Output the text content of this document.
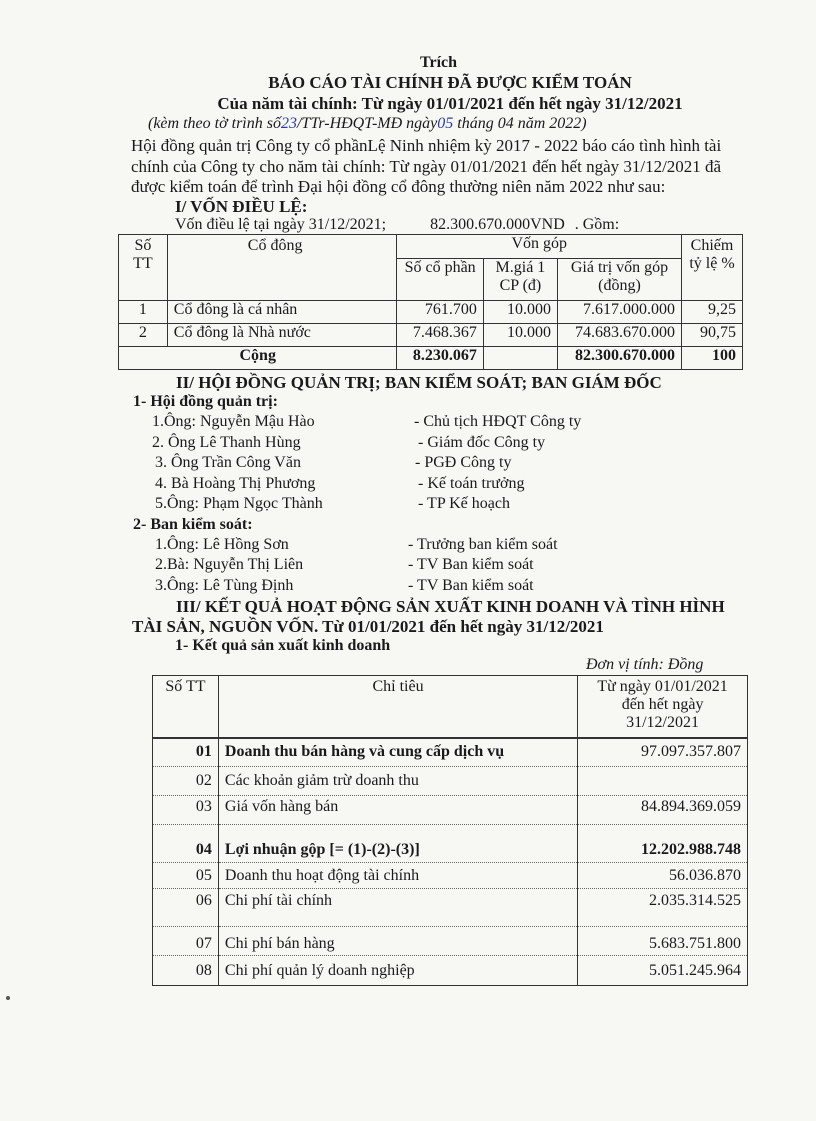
Trích
BÁO CÁO TÀI CHÍNH ĐÃ ĐƯỢC KIỂM TOÁN
Của năm tài chính: Từ ngày 01/01/2021 đến hết ngày 31/12/2021
(kèm theo tờ trình số23/TTr-HĐQT-MĐ ngày05 tháng 04 năm 2022)
Hội đồng quản trị Công ty cổ phầnLệ Ninh nhiệm kỳ 2017 - 2022 báo cáo tình hình tài
chính của Công ty cho năm tài chính: Từ ngày 01/01/2021 đến hết ngày 31/12/2021 đã
được kiểm toán để trình Đại hội đồng cổ đông thường niên năm 2022 như sau:
I/ VỐN ĐIỀU LỆ:
Vốn điều lệ tại ngày 31/12/2021;	82.300.670.000VND . Gồm:
Số TT	Cổ đông	Vốn góp			Chiếm tỷ lệ %
		Số cổ phần	M.giá 1 CP (đ)	Giá trị vốn góp (đồng)	
1	Cổ đông là cá nhân	761.700	10.000	7.617.000.000	9,25
2	Cổ đông là Nhà nước	7.468.367	10.000	74.683.670.000	90,75
Cộng		8.230.067		82.300.670.000	100
II/ HỘI ĐỒNG QUẢN TRỊ; BAN KIỂM SOÁT; BAN GIÁM ĐỐC
1- Hội đồng quản trị:
1.Ông: Nguyễn Mậu Hào	- Chủ tịch HĐQT Công ty
2. Ông Lê Thanh Hùng	- Giám đốc Công ty
3. Ông Trần Công Văn	- PGĐ Công ty
4. Bà Hoàng Thị Phương	- Kế toán trưởng
5.Ông: Phạm Ngọc Thành	- TP Kế hoạch
2- Ban kiểm soát:
1.Ông: Lê Hồng Sơn	- Trưởng ban kiểm soát
2.Bà: Nguyễn Thị Liên	- TV Ban kiểm soát
3.Ông: Lê Tùng Định	- TV Ban kiểm soát
III/ KẾT QUẢ HOẠT ĐỘNG SẢN XUẤT KINH DOANH VÀ TÌNH HÌNH
TÀI SẢN, NGUỒN VỐN. Từ 01/01/2021 đến hết ngày 31/12/2021
1- Kết quả sản xuất kinh doanh
Đơn vị tính: Đồng
Số TT	Chỉ tiêu	Từ ngày 01/01/2021
đến hết ngày
31/12/2021

01	Doanh thu bán hàng và cung cấp dịch vụ	97.097.357.807
02	Các khoản giảm trừ doanh thu	
03	Giá vốn hàng bán	84.894.369.059
04	Lợi nhuận gộp [= (1)-(2)-(3)]	12.202.988.748
05	Doanh thu hoạt động tài chính	56.036.870
06	Chi phí tài chính	2.035.314.525
07	Chi phí bán hàng	5.683.751.800
08	Chi phí quản lý doanh nghiệp	5.051.245.964
